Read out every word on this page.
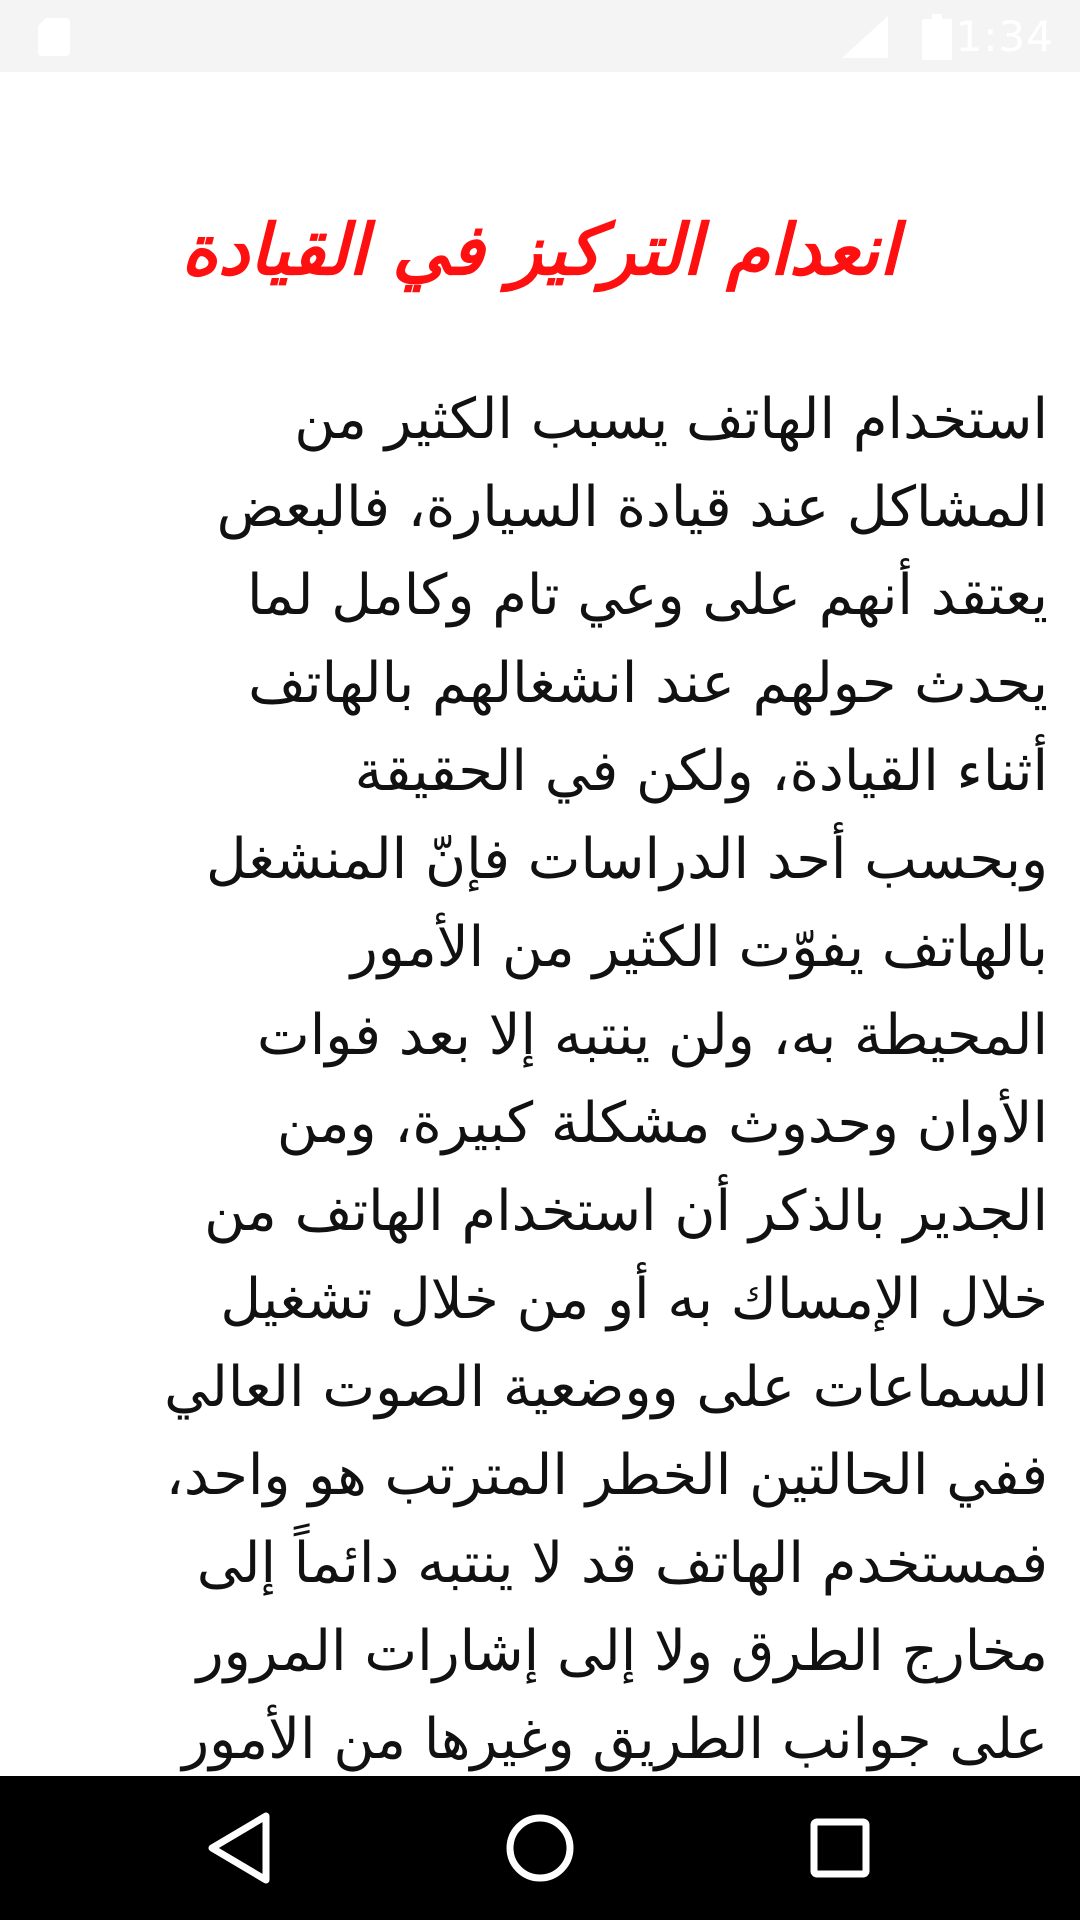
1:34
انعدام التركيز في القيادة

استخدام الهاتف يسبب الكثير من
المشاكل عند قيادة السيارة، فالبعض
يعتقد أنهم على وعي تام وكامل لما
يحدث حولهم عند انشغالهم بالهاتف
أثناء القيادة، ولكن في الحقيقة
وبحسب أحد الدراسات فإنّ المنشغل
بالهاتف يفوّت الكثير من الأمور
المحيطة به، ولن ينتبه إلا بعد فوات
الأوان وحدوث مشكلة كبيرة، ومن
الجدير بالذكر أن استخدام الهاتف من
خلال الإمساك به أو من خلال تشغيل
السماعات على ووضعية الصوت العالي
ففي الحالتين الخطر المترتب هو واحد،
فمستخدم الهاتف قد لا ينتبه دائماً إلى
مخارج الطرق ولا إلى إشارات المرور
على جوانب الطريق وغيرها من الأمور
